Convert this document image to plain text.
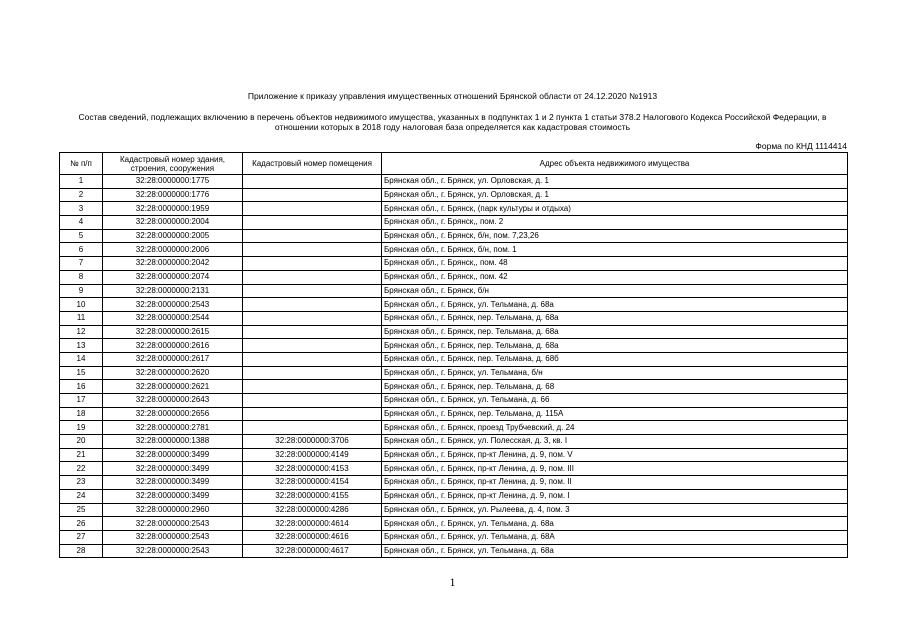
Приложение к приказу управления имущественных отношений Брянской области от 24.12.2020 №1913
Состав сведений, подлежащих включению в перечень объектов недвижимого имущества, указанных в подпунктах 1 и 2 пункта 1 статьи 378.2 Налогового Кодекса Российской Федерации, в отношении которых в 2018 году налоговая база определяется как кадастровая стоимость
Форма по КНД 1114414
№ п/п	Кадастровый номер здания, строения, сооружения	Кадастровый номер помещения	Адрес объекта недвижимого имущества
1	32:28:0000000:1775		Брянская обл., г. Брянск, ул. Орловская, д. 1
2	32:28:0000000:1776		Брянская обл., г. Брянск, ул. Орловская, д. 1
3	32:28:0000000:1959		Брянская обл., г. Брянск, (парк культуры и отдыха)
4	32:28:0000000:2004		Брянская обл., г. Брянск,, пом. 2
5	32:28:0000000:2005		Брянская обл., г. Брянск, б/н, пом. 7,23,26
6	32:28:0000000:2006		Брянская обл., г. Брянск, б/н, пом. 1
7	32:28:0000000:2042		Брянская обл., г. Брянск,, пом. 48
8	32:28:0000000:2074		Брянская обл., г. Брянск,, пом. 42
9	32:28:0000000:2131		Брянская обл., г. Брянск, б/н
10	32:28:0000000:2543		Брянская обл., г. Брянск, ул. Тельмана, д. 68а
11	32:28:0000000:2544		Брянская обл., г. Брянск, пер. Тельмана, д. 68а
12	32:28:0000000:2615		Брянская обл., г. Брянск, пер. Тельмана, д. 68а
13	32:28:0000000:2616		Брянская обл., г. Брянск, пер. Тельмана, д. 68а
14	32:28:0000000:2617		Брянская обл., г. Брянск, пер. Тельмана, д. 68б
15	32:28:0000000:2620		Брянская обл., г. Брянск, ул. Тельмана, б/н
16	32:28:0000000:2621		Брянская обл., г. Брянск, пер. Тельмана, д. 68
17	32:28:0000000:2643		Брянская обл., г. Брянск, ул. Тельмана, д. 66
18	32:28:0000000:2656		Брянская обл., г. Брянск, пер. Тельмана, д. 115А
19	32:28:0000000:2781		Брянская обл., г. Брянск, проезд Трубчевский, д. 24
20	32:28:0000000:1388	32:28:0000000:3706	Брянская обл., г. Брянск, ул. Полесская, д. 3, кв. I
21	32:28:0000000:3499	32:28:0000000:4149	Брянская обл., г. Брянск, пр-кт Ленина, д. 9, пом. V
22	32:28:0000000:3499	32:28:0000000:4153	Брянская обл., г. Брянск, пр-кт Ленина, д. 9, пом. III
23	32:28:0000000:3499	32:28:0000000:4154	Брянская обл., г. Брянск, пр-кт Ленина, д. 9, пом. II
24	32:28:0000000:3499	32:28:0000000:4155	Брянская обл., г. Брянск, пр-кт Ленина, д. 9, пом. I
25	32:28:0000000:2960	32:28:0000000:4286	Брянская обл., г. Брянск, ул. Рылеева, д. 4, пом. 3
26	32:28:0000000:2543	32:28:0000000:4614	Брянская обл., г. Брянск, ул. Тельмана, д. 68а
27	32:28:0000000:2543	32:28:0000000:4616	Брянская обл., г. Брянск, ул. Тельмана, д. 68А
28	32:28:0000000:2543	32:28:0000000:4617	Брянская обл., г. Брянск, ул. Тельмана, д. 68а
1
